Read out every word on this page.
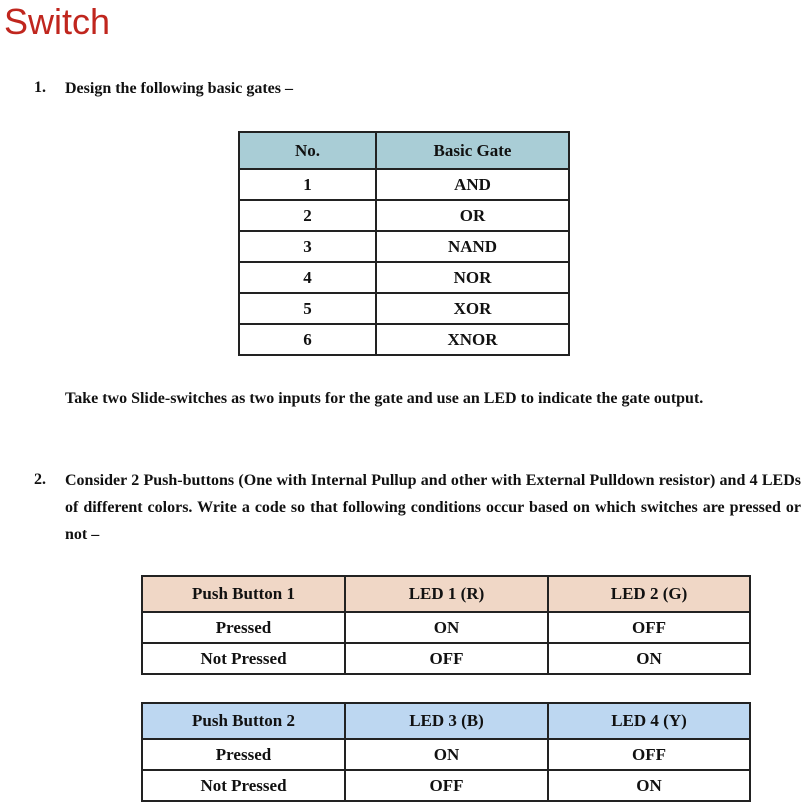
Switch
1. Design the following basic gates –
No.	Basic Gate
1	AND
2	OR
3	NAND
4	NOR
5	XOR
6	XNOR
Take two Slide-switches as two inputs for the gate and use an LED to indicate the gate output.
2. Consider 2 Push-buttons (One with Internal Pullup and other with External Pulldown resistor) and 4 LEDs of different colors. Write a code so that following conditions occur based on which switches are pressed or not –
Push Button 1	LED 1 (R)	LED 2 (G)
Pressed	ON	OFF
Not Pressed	OFF	ON
Push Button 2	LED 3 (B)	LED 4 (Y)
Pressed	ON	OFF
Not Pressed	OFF	ON
